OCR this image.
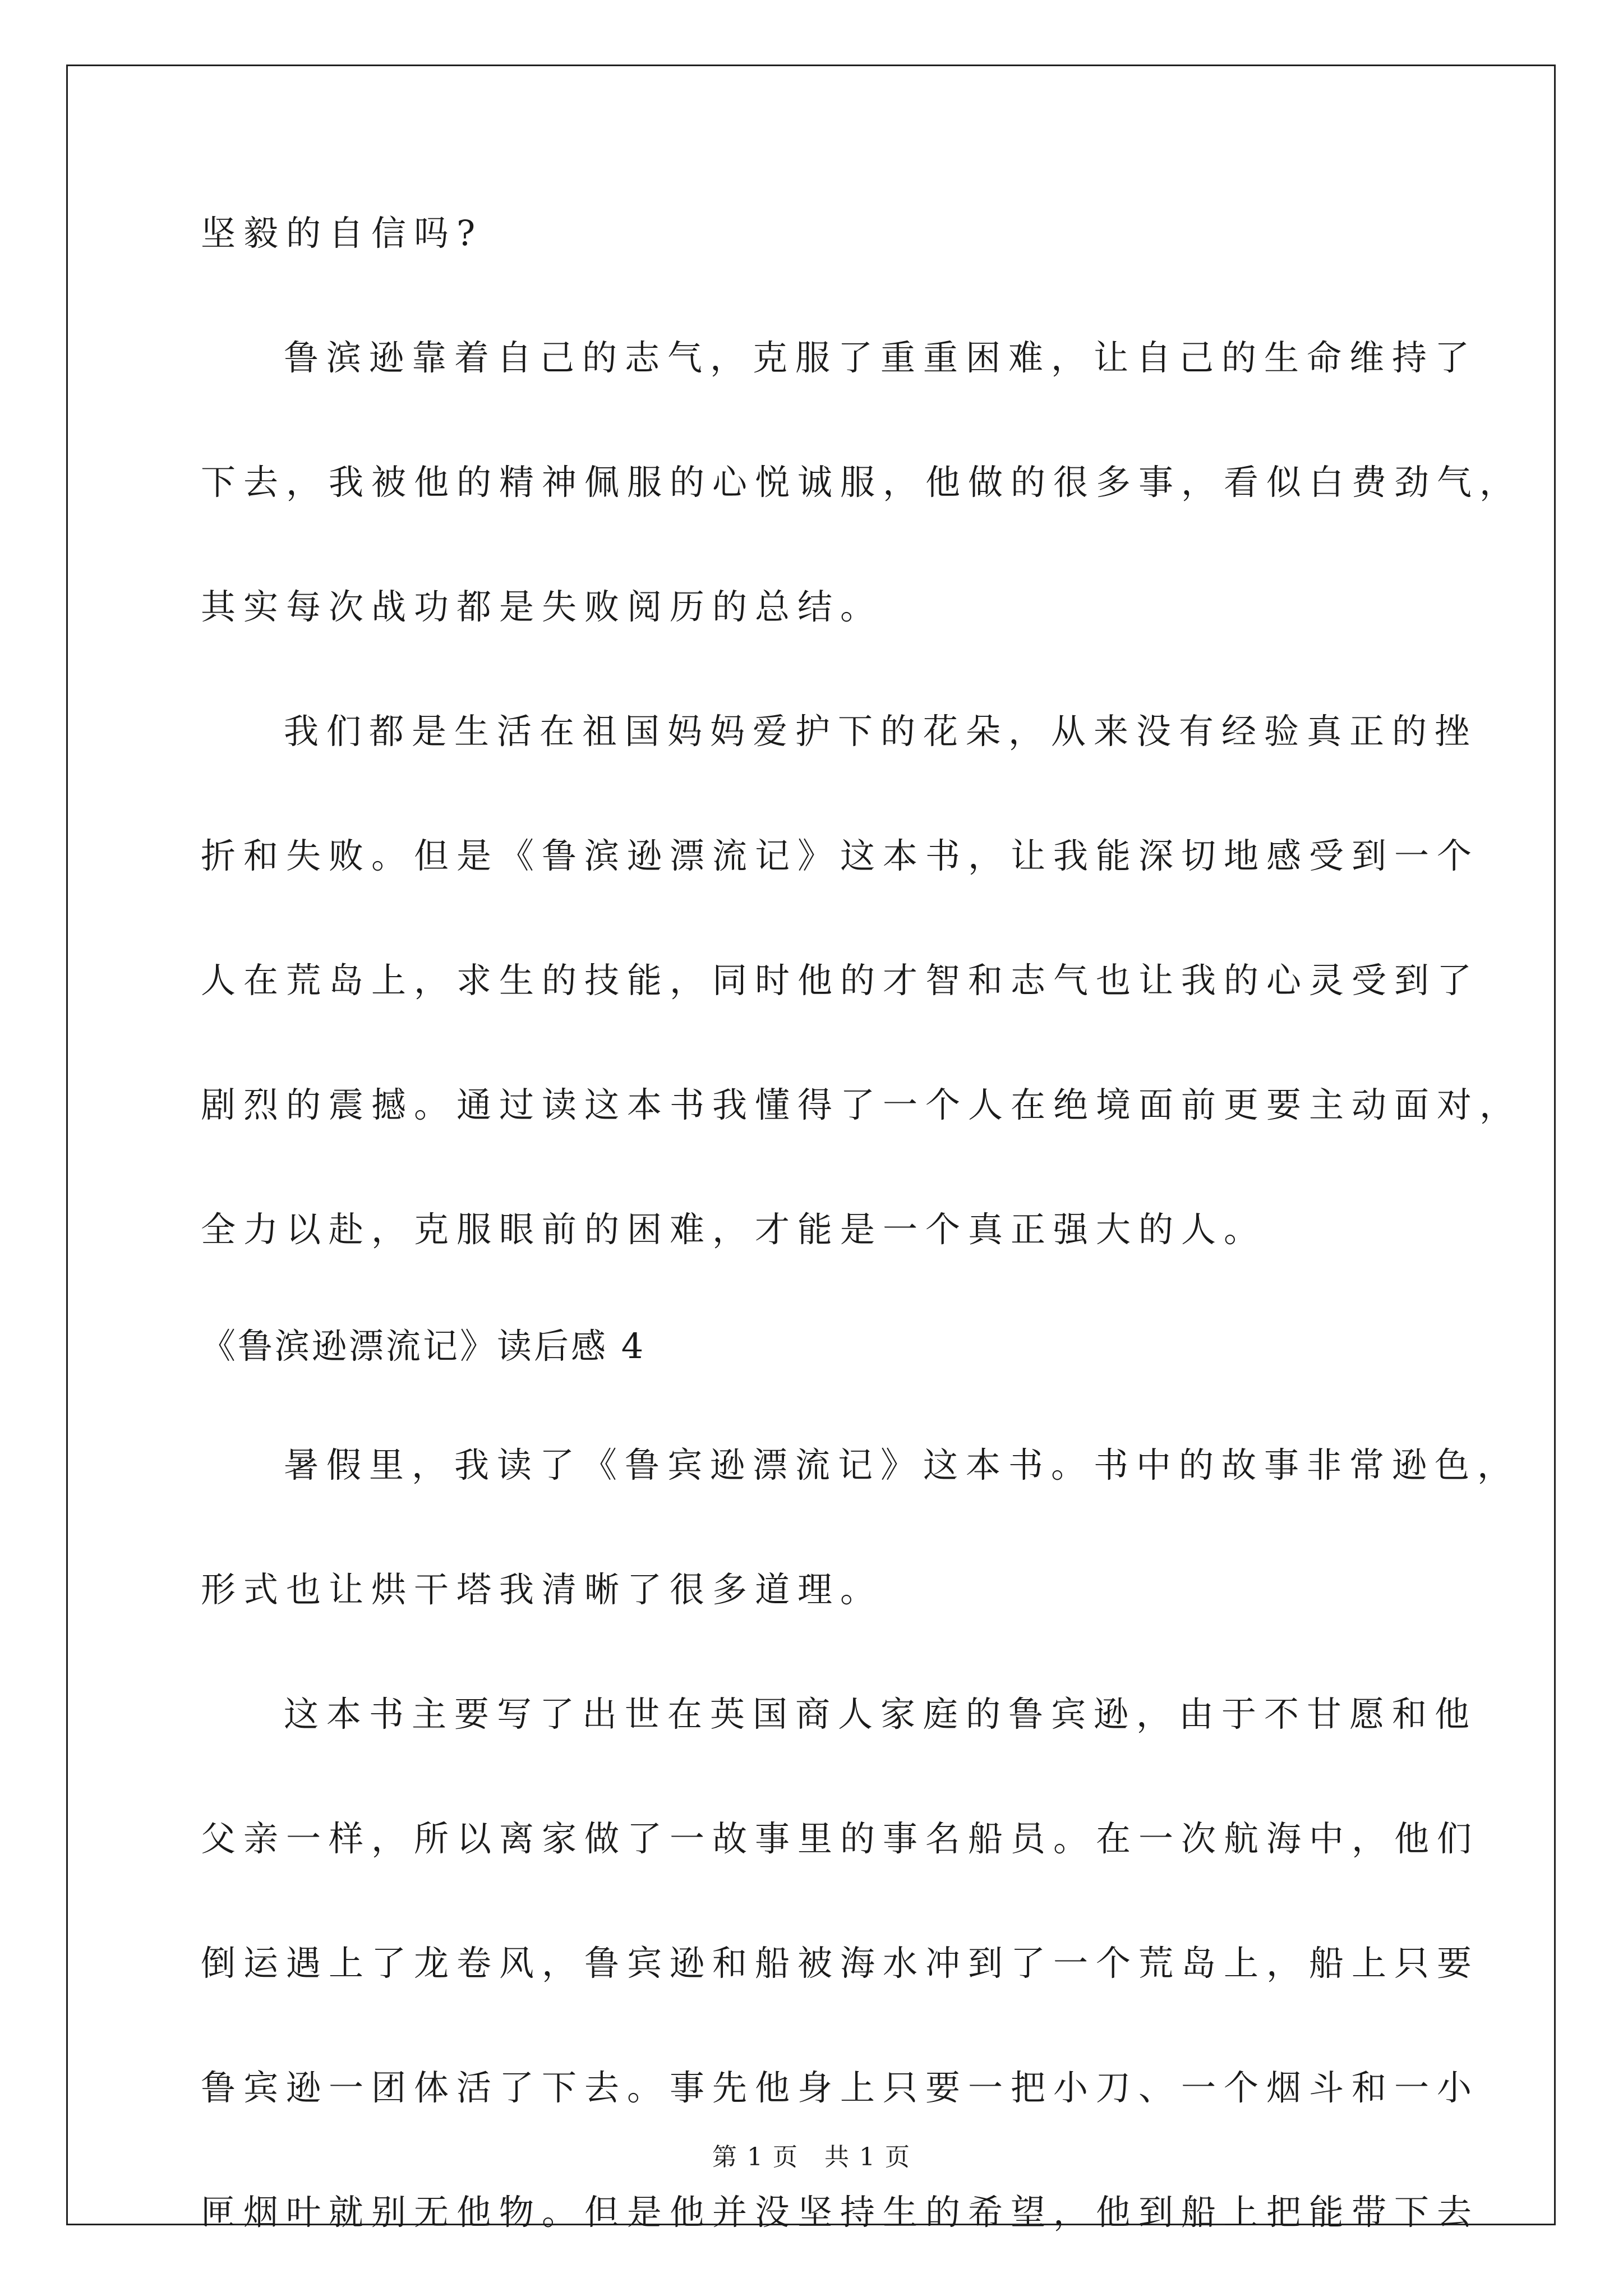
坚毅的自信吗?
鲁滨逊靠着自己的志气，克服了重重困难，让自己的生命维持了
下去，我被他的精神佩服的心悦诚服，他做的很多事，看似白费劲气，
其实每次战功都是失败阅历的总结。
我们都是生活在祖国妈妈爱护下的花朵，从来没有经验真正的挫
折和失败。但是《鲁滨逊漂流记》这本书，让我能深切地感受到一个
人在荒岛上，求生的技能，同时他的才智和志气也让我的心灵受到了
剧烈的震撼。通过读这本书我懂得了一个人在绝境面前更要主动面对，
全力以赴，克服眼前的困难，才能是一个真正强大的人。
《鲁滨逊漂流记》读后感 4
暑假里，我读了《鲁宾逊漂流记》这本书。书中的故事非常逊色，
形式也让烘干塔我清晰了很多道理。
这本书主要写了出世在英国商人家庭的鲁宾逊，由于不甘愿和他
父亲一样，所以离家做了一故事里的事名船员。在一次航海中，他们
倒运遇上了龙卷风，鲁宾逊和船被海水冲到了一个荒岛上，船上只要
鲁宾逊一团体活了下去。事先他身上只要一把小刀、一个烟斗和一小
匣烟叶就别无他物。但是他并没坚持生的希望，他到船上把能带下去
第 1 页　共 1 页
